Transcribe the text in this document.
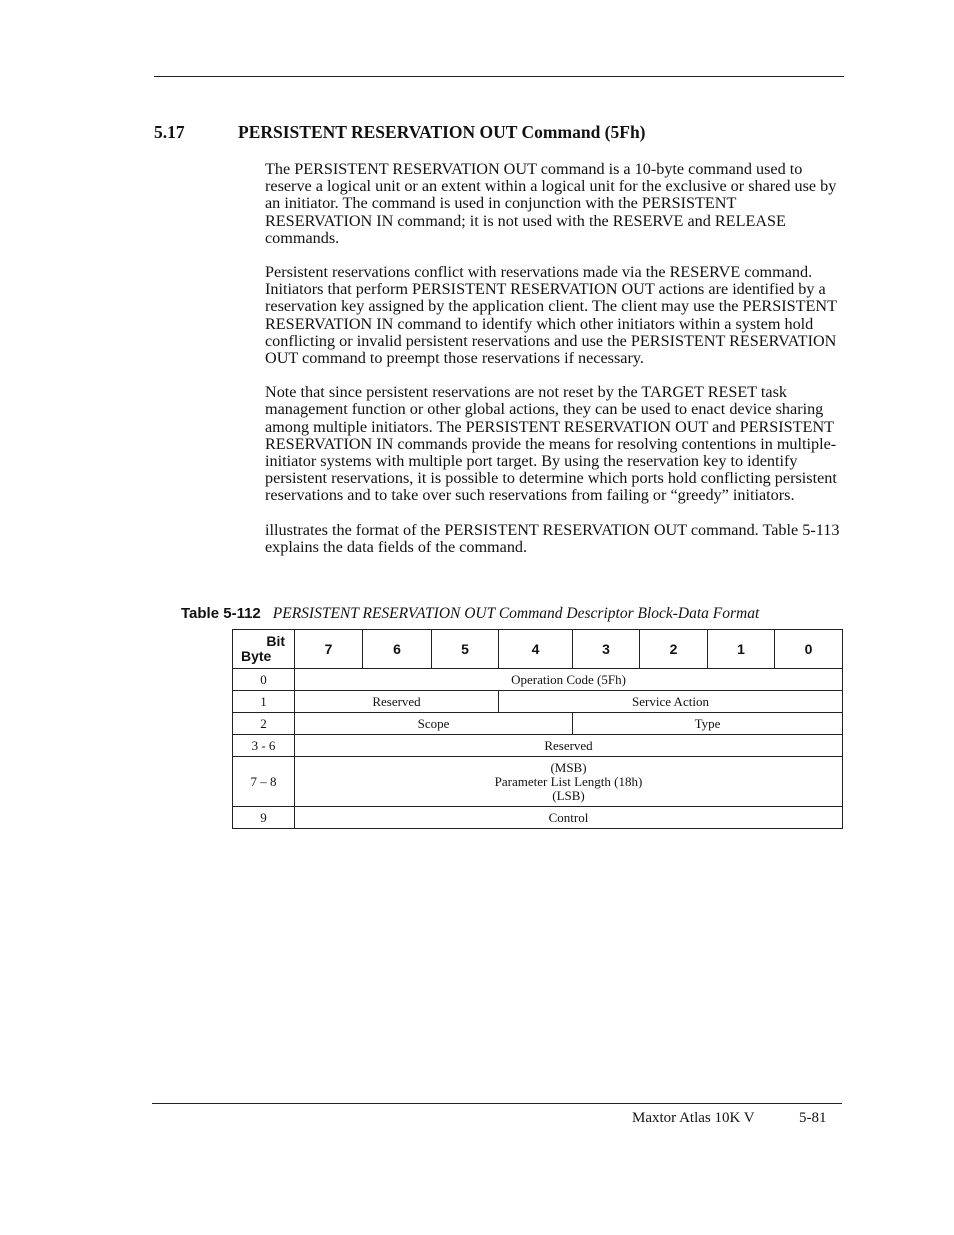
5.17	PERSISTENT RESERVATION OUT Command (5Fh)

The PERSISTENT RESERVATION OUT command is a 10-byte command used to reserve a logical unit or an extent within a logical unit for the exclusive or shared use by an initiator. The command is used in conjunction with the PERSISTENT RESERVATION IN command; it is not used with the RESERVE and RELEASE commands.

Persistent reservations conflict with reservations made via the RESERVE command. Initiators that perform PERSISTENT RESERVATION OUT actions are identified by a reservation key assigned by the application client. The client may use the PERSISTENT RESERVATION IN command to identify which other initiators within a system hold conflicting or invalid persistent reservations and use the PERSISTENT RESERVATION OUT command to preempt those reservations if necessary.

Note that since persistent reservations are not reset by the TARGET RESET task management function or other global actions, they can be used to enact device sharing among multiple initiators. The PERSISTENT RESERVATION OUT and PERSISTENT RESERVATION IN commands provide the means for resolving contentions in multiple-initiator systems with multiple port target. By using the reservation key to identify persistent reservations, it is possible to determine which ports hold conflicting persistent reservations and to take over such reservations from failing or “greedy” initiators.

illustrates the format of the PERSISTENT RESERVATION OUT command. Table 5-113 explains the data fields of the command.

Table 5-112 PERSISTENT RESERVATION OUT Command Descriptor Block-Data Format
Bit
Byte	7	6	5	4	3	2	1	0
0	Operation Code (5Fh)							
1	Reserved			Service Action				
2	Scope				Type			
3 - 6	Reserved							
7 – 8	(MSB)
Parameter List Length (18h)
(LSB)							

9	Control							
Maxtor Atlas 10K V	5-81
